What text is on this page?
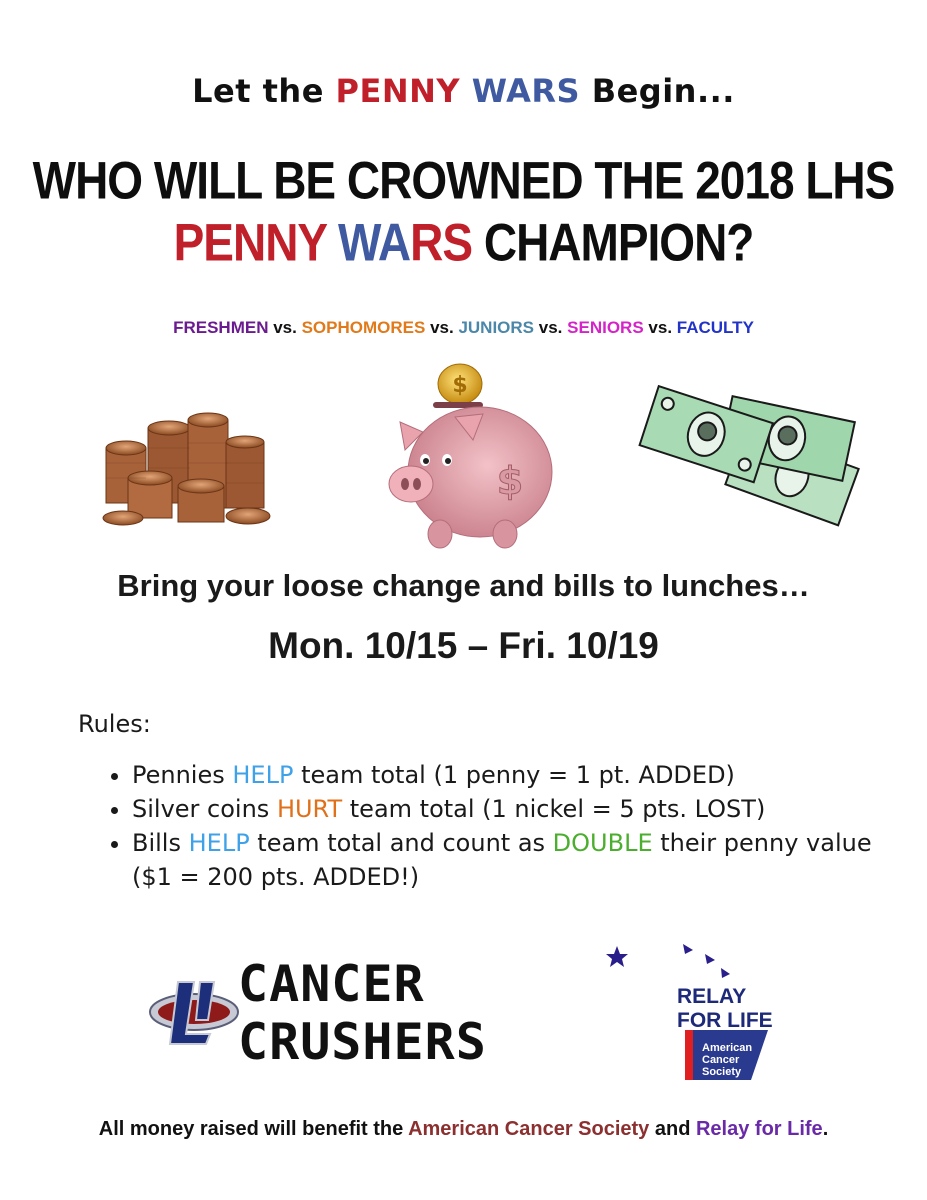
Let the PENNY WARS Begin...
WHO WILL BE CROWNED THE 2018 LHS
PENNY WARS CHAMPION?
FRESHMEN vs. SOPHOMORES vs. JUNIORS vs. SENIORS vs. FACULTY
$
$
Bring your loose change and bills to lunches…
Mon. 10/15 – Fri. 10/19
Rules:
• Pennies HELP team total (1 penny = 1 pt. ADDED)
• Silver coins HURT team total (1 nickel = 5 pts. LOST)
• Bills HELP team total and count as DOUBLE their penny value ($1 = 200 pts. ADDED!)
CANCER
CRUSHERS
RELAY
FOR LIFE
American
Cancer
Society
All money raised will benefit the American Cancer Society and Relay for Life.
